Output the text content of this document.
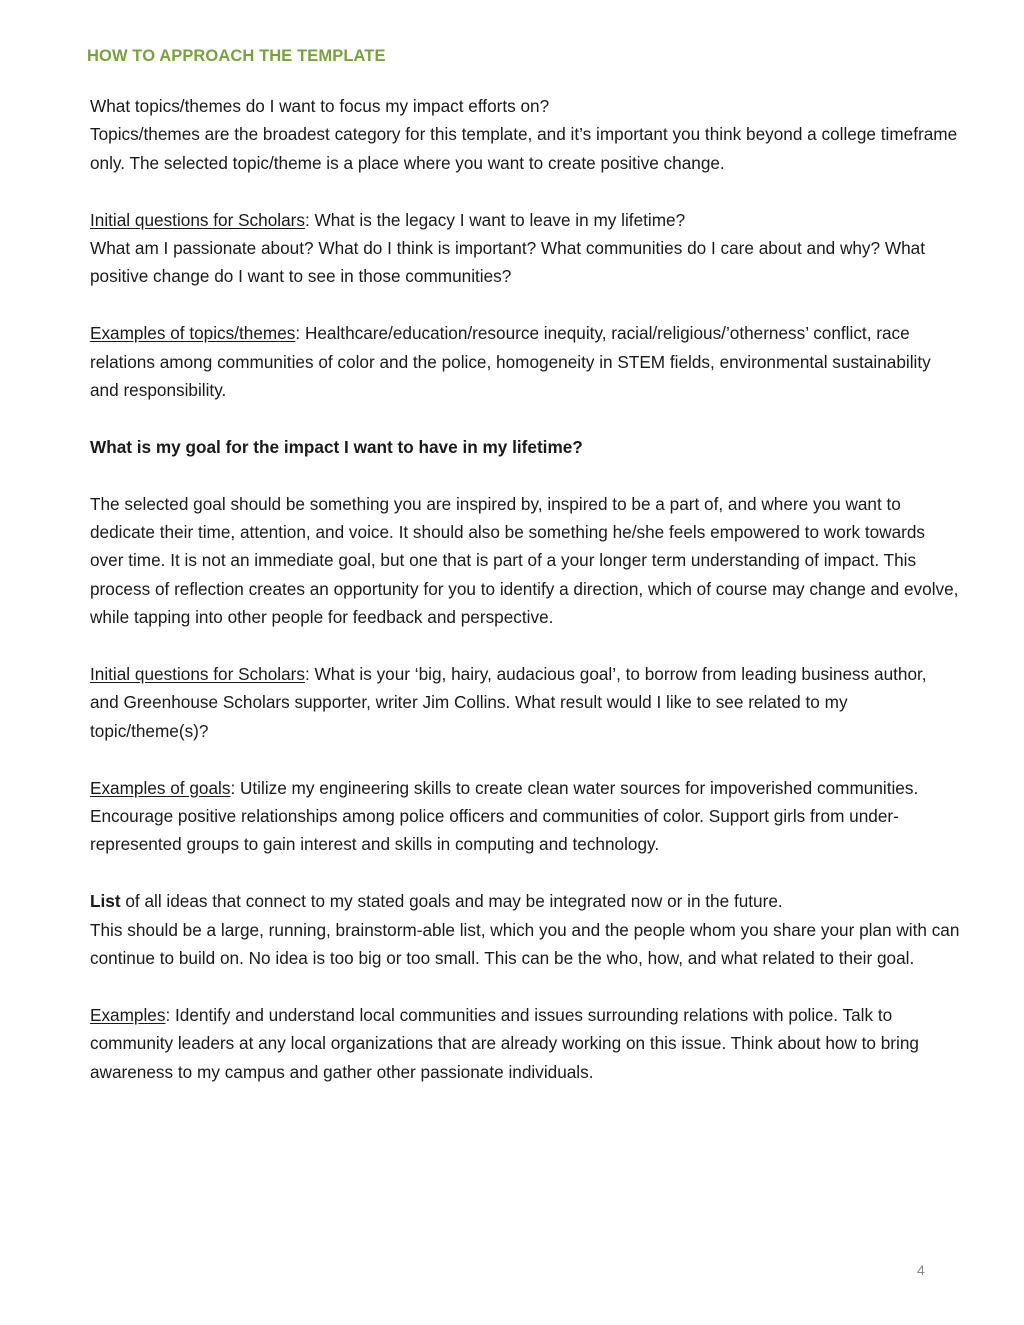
HOW TO APPROACH THE TEMPLATE

What topics/themes do I want to focus my impact efforts on?
Topics/themes are the broadest category for this template, and it’s important you think beyond a college timeframe only. The selected topic/theme is a place where you want to create positive change.

Initial questions for Scholars: What is the legacy I want to leave in my lifetime?
What am I passionate about? What do I think is important? What communities do I care about and why? What positive change do I want to see in those communities?

Examples of topics/themes: Healthcare/education/resource inequity, racial/religious/’otherness’ conflict, race relations among communities of color and the police, homogeneity in STEM fields, environmental sustainability and responsibility.

What is my goal for the impact I want to have in my lifetime?

The selected goal should be something you are inspired by, inspired to be a part of, and where you want to dedicate their time, attention, and voice. It should also be something he/she feels empowered to work towards over time. It is not an immediate goal, but one that is part of a your longer term understanding of impact. This process of reflection creates an opportunity for you to identify a direction, which of course may change and evolve, while tapping into other people for feedback and perspective.

Initial questions for Scholars: What is your ‘big, hairy, audacious goal’, to borrow from leading business author, and Greenhouse Scholars supporter, writer Jim Collins. What result would I like to see related to my topic/theme(s)?

Examples of goals: Utilize my engineering skills to create clean water sources for impoverished communities. Encourage positive relationships among police officers and communities of color. Support girls from under-represented groups to gain interest and skills in computing and technology.

List of all ideas that connect to my stated goals and may be integrated now or in the future.
This should be a large, running, brainstorm-able list, which you and the people whom you share your plan with can continue to build on. No idea is too big or too small. This can be the who, how, and what related to their goal.

Examples: Identify and understand local communities and issues surrounding relations with police. Talk to community leaders at any local organizations that are already working on this issue. Think about how to bring awareness to my campus and gather other passionate individuals.

4
